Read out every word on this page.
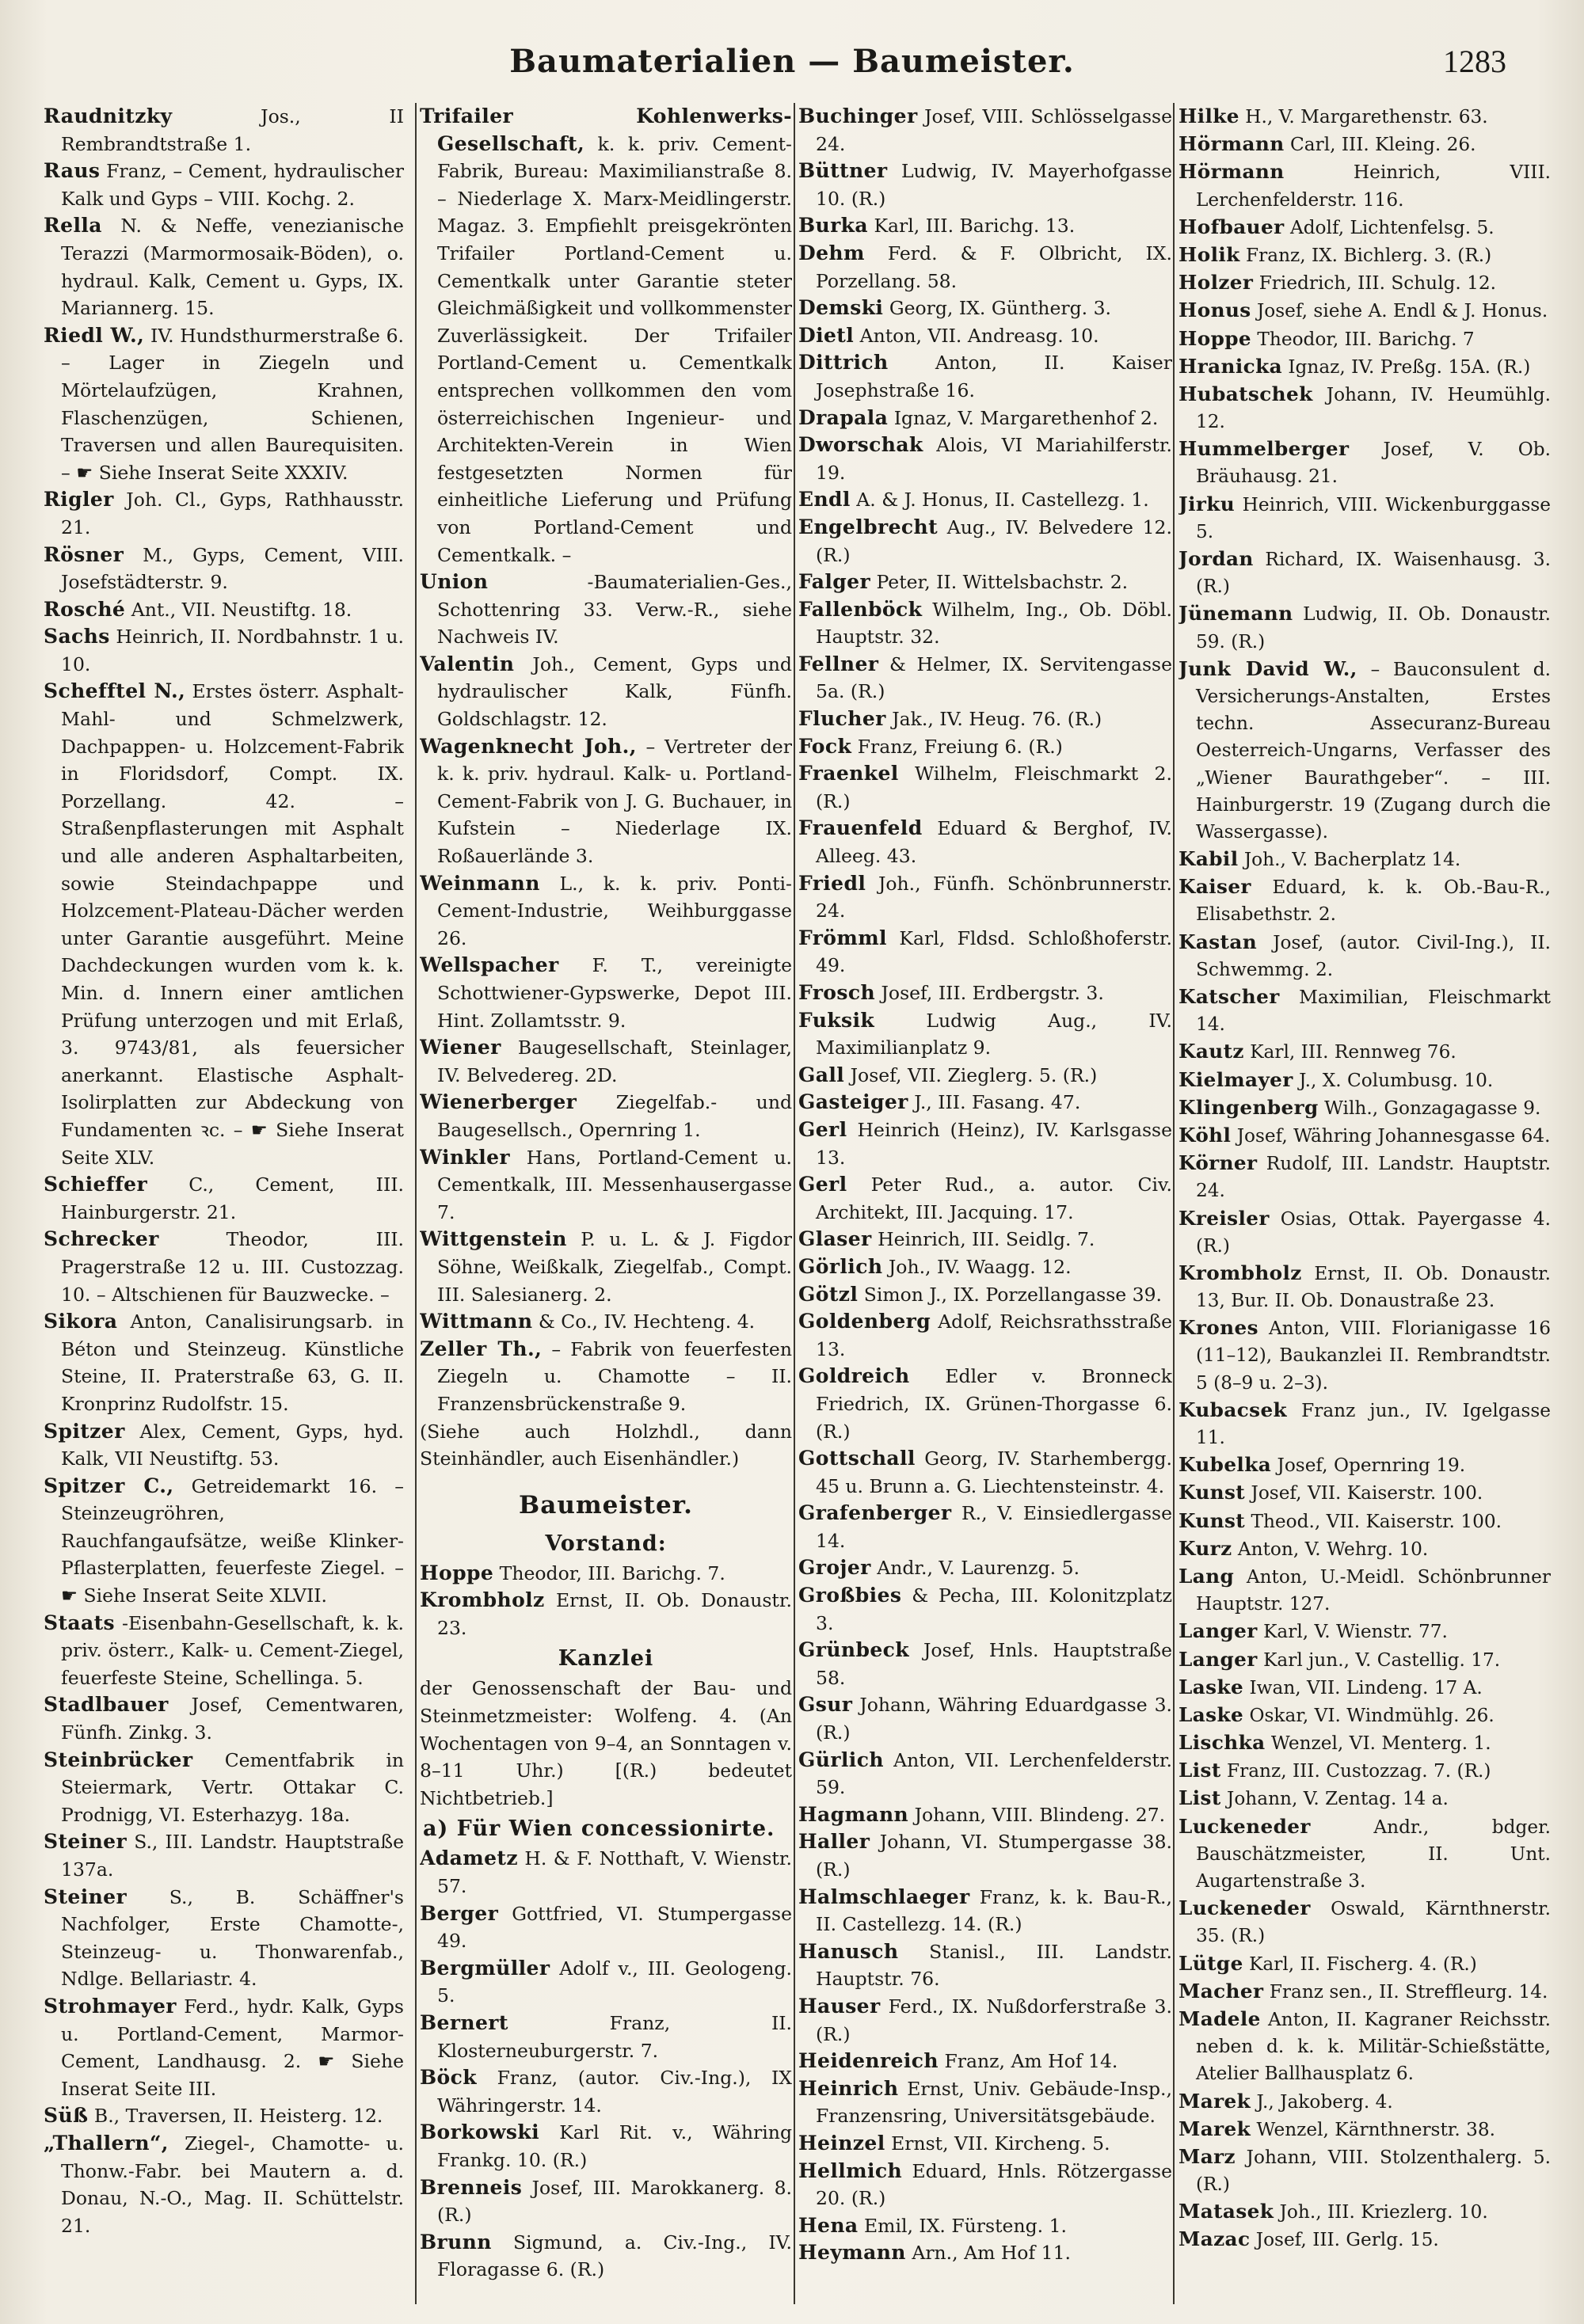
Baumaterialien — Baumeister.	1283

Raudnitzky	Jos., II Rembrandtstraße 1.

Raus Franz, – Cement, hydraulischer Kalk und Gyps – VIII. Kochg. 2.

Rella N. & Neffe, venezianische Terazzi (Marmormosaik-Böden), o. hydraul. Kalk, Cement u. Gyps, IX. Mariannerg. 15.

Riedl W., IV. Hundsthurmerstraße 6. – Lager in Ziegeln und Mörtelaufzügen, Krahnen, Flaschenzügen, Schienen, Traversen und allen Baurequisiten. – ☛ Siehe Inserat Seite XXXIV.

Rigler Joh. Cl., Gyps, Rathhausstr. 21.

Rösner M., Gyps, Cement, VIII. Josefstädterstr. 9.

Rosché Ant., VII. Neustiftg. 18.

Sachs Heinrich, II. Nordbahnstr. 1 u. 10.

Schefftel N., Erstes österr. Asphalt-Mahl- und Schmelzwerk, Dachpappen- u. Holzcement-Fabrik in Floridsdorf, Compt. IX. Porzellang. 42. – Straßenpflasterungen mit Asphalt und alle anderen Asphaltarbeiten, sowie Steindachpappe und Holzcement-Plateau-Dächer werden unter Garantie ausgeführt. Meine Dachdeckungen wurden vom k. k. Min. d. Innern einer amtlichen Prüfung unterzogen und mit Erlaß, 3. 9743/81, als feuersicher anerkannt. Elastische Asphalt-Isolirplatten zur Abdeckung von Fundamenten ꝛc. – ☛ Siehe Inserat Seite XLV.

Schieffer C., Cement, III. Hainburgerstr. 21.

Schrecker	Theodor, III. Pragerstraße 12 u. III. Custozzag. 10. – Altschienen für Bauzwecke. –

Sikora Anton, Canalisirungsarb. in Béton und Steinzeug. Künstliche Steine, II. Praterstraße 63, G. II. Kronprinz Rudolfstr. 15.

Spitzer Alex, Cement, Gyps, hyd. Kalk, VII Neustiftg. 53.

Spitzer C., Getreidemarkt 16. – Steinzeugröhren, Rauchfangaufsätze, weiße Klinker-Pflasterplatten, feuerfeste Ziegel. – ☛ Siehe Inserat Seite XLVII.

Staats -Eisenbahn-Gesellschaft, k. k. priv. österr., Kalk- u. Cement-Ziegel, feuerfeste Steine, Schellinga. 5.

Stadlbauer Josef, Cementwaren, Fünfh. Zinkg. 3.

Steinbrücker Cementfabrik in Steiermark, Vertr. Ottakar C. Prodnigg, VI. Esterhazyg. 18a.

Steiner S., III. Landstr. Hauptstraße 137a.

Steiner S., B. Schäffner's Nachfolger, Erste Chamotte-, Steinzeug- u. Thonwarenfab., Ndlge. Bellariastr. 4.

Strohmayer Ferd., hydr. Kalk, Gyps u. Portland-Cement, Marmor-Cement, Landhausg. 2. ☛ Siehe Inserat Seite III.

Süß B., Traversen, II. Heisterg. 12.

„Thallern“, Ziegel-, Chamotte- u. Thonw.-Fabr. bei Mautern a. d. Donau, N.-O., Mag. II. Schüttelstr. 21.

Trifailer Kohlenwerks-Gesellschaft, k. k. priv. Cement-Fabrik, Bureau: Maximilianstraße 8. – Niederlage X. Marx-Meidlingerstr. Magaz. 3. Empfiehlt preisgekrönten Trifailer Portland-Cement u. Cementkalk unter Garantie steter Gleichmäßigkeit und vollkommenster Zuverlässigkeit. Der Trifailer Portland-Cement u. Cementkalk entsprechen vollkommen den vom österreichischen Ingenieur- und Architekten-Verein in Wien festgesetzten Normen für einheitliche Lieferung und Prüfung von Portland-Cement und Cementkalk. –

Union	-Baumaterialien-Ges., Schottenring 33. Verw.-R., siehe Nachweis IV.

Valentin Joh., Cement, Gyps und hydraulischer Kalk, Fünfh. Goldschlagstr. 12.

Wagenknecht Joh., – Vertreter der k. k. priv. hydraul. Kalk- u. Portland-Cement-Fabrik von J. G. Buchauer, in Kufstein – Niederlage IX. Roßauerlände 3.

Weinmann L., k. k. priv. Ponti-Cement-Industrie, Weihburggasse 26.

Wellspacher F. T., vereinigte Schottwiener-Gypswerke, Depot III. Hint. Zollamtsstr. 9.

Wiener Baugesellschaft, Steinlager, IV. Belvedereg. 2D.

Wienerberger Ziegelfab.- und Baugesellsch., Opernring 1.

Winkler Hans, Portland-Cement u. Cementkalk, III. Messenhausergasse 7.

Wittgenstein P. u. L. & J. Figdor Söhne, Weißkalk, Ziegelfab., Compt. III. Salesianerg. 2.

Wittmann & Co., IV. Hechteng. 4.

Zeller Th., – Fabrik von feuerfesten Ziegeln u. Chamotte – II. Franzensbrückenstraße 9.

(Siehe auch Holzhdl., dann Steinhändler, auch Eisenhändler.)

Baumeister.
Vorstand:

Hoppe Theodor, III. Barichg. 7.

Krombholz Ernst, II. Ob. Donaustr. 23.

Kanzlei

der Genossenschaft der Bau- und Steinmetzmeister: Wolfeng. 4. (An Wochentagen von 9–4, an Sonntagen v. 8–11 Uhr.) [(R.) bedeutet Nichtbetrieb.]

a) Für Wien concessionirte.

Adametz H. & F. Notthaft, V. Wienstr. 57.

Berger Gottfried, VI. Stumpergasse 49.

Bergmüller Adolf v., III. Geologeng. 5.

Bernert	Franz, II. Klosterneuburgerstr. 7.

Böck Franz, (autor. Civ.-Ing.), IX Währingerstr. 14.

Borkowski Karl Rit. v., Währing Frankg. 10. (R.)

Brenneis Josef, III. Marokkanerg. 8. (R.)

Brunn Sigmund, a. Civ.-Ing., IV. Floragasse 6. (R.)

Buchinger Josef, VIII. Schlösselgasse 24.

Büttner Ludwig, IV. Mayerhofgasse 10. (R.)

Burka Karl, III. Barichg. 13.

Dehm Ferd. & F. Olbricht, IX. Porzellang. 58.

Demski Georg, IX. Güntherg. 3.

Dietl Anton, VII. Andreasg. 10.

Dittrich	Anton, II. Kaiser Josephstraße 16.

Drapala Ignaz, V. Margarethenhof 2.

Dworschak Alois, VI Mariahilferstr. 19.

Endl A. & J. Honus, II. Castellezg. 1.

Engelbrecht Aug., IV. Belvedere 12. (R.)

Falger Peter, II. Wittelsbachstr. 2.

Fallenböck Wilhelm, Ing., Ob. Döbl. Hauptstr. 32.

Fellner & Helmer, IX. Servitengasse 5a. (R.)

Flucher Jak., IV. Heug. 76. (R.)

Fock Franz, Freiung 6. (R.)

Fraenkel Wilhelm, Fleischmarkt 2. (R.)

Frauenfeld Eduard & Berghof, IV. Alleeg. 43.

Friedl Joh., Fünfh. Schönbrunnerstr. 24.

Frömml Karl, Fldsd. Schloßhoferstr. 49.

Frosch Josef, III. Erdbergstr. 3.

Fuksik	Ludwig Aug., IV. Maximilianplatz 9.

Gall Josef, VII. Zieglerg. 5. (R.)

Gasteiger J., III. Fasang. 47.

Gerl Heinrich (Heinz), IV. Karlsgasse 13.

Gerl Peter Rud., a. autor. Civ. Architekt, III. Jacquing. 17.

Glaser Heinrich, III. Seidlg. 7.

Görlich Joh., IV. Waagg. 12.

Götzl Simon J., IX. Porzellangasse 39.

Goldenberg Adolf, Reichsrathsstraße 13.

Goldreich Edler v. Bronneck Friedrich, IX. Grünen-Thorgasse 6. (R.)

Gottschall Georg, IV. Starhembergg. 45 u. Brunn a. G. Liechtensteinstr. 4.

Grafenberger R., V. Einsiedlergasse 14.

Grojer Andr., V. Laurenzg. 5.

Großbies & Pecha, III. Kolonitzplatz 3.

Grünbeck Josef, Hnls. Hauptstraße 58.

Gsur Johann, Währing Eduardgasse 3. (R.)

Gürlich Anton, VII. Lerchenfelderstr. 59.

Hagmann Johann, VIII. Blindeng. 27.

Haller Johann, VI. Stumpergasse 38. (R.)

Halmschlaeger Franz, k. k. Bau-R., II. Castellezg. 14. (R.)

Hanusch Stanisl., III. Landstr. Hauptstr. 76.

Hauser Ferd., IX. Nußdorferstraße 3. (R.)

Heidenreich Franz, Am Hof 14.

Heinrich Ernst, Univ. Gebäude-Insp., Franzensring, Universitätsgebäude.

Heinzel Ernst, VII. Kircheng. 5.

Hellmich Eduard, Hnls. Rötzergasse 20. (R.)

Hena Emil, IX. Fürsteng. 1.

Heymann Arn., Am Hof 11.

Hilke H., V. Margarethenstr. 63.

Hörmann Carl, III. Kleing. 26.

Hörmann	Heinrich, VIII. Lerchenfelderstr. 116.

Hofbauer Adolf, Lichtenfelsg. 5.

Holik Franz, IX. Bichlerg. 3. (R.)

Holzer Friedrich, III. Schulg. 12.

Honus Josef, siehe A. Endl & J. Honus.

Hoppe Theodor, III. Barichg. 7

Hranicka Ignaz, IV. Preßg. 15A. (R.)

Hubatschek Johann, IV. Heumühlg. 12.

Hummelberger Josef, V. Ob. Bräuhausg. 21.

Jirku Heinrich, VIII. Wickenburggasse 5.

Jordan Richard, IX. Waisenhausg. 3. (R.)

Jünemann Ludwig, II. Ob. Donaustr. 59. (R.)

Junk David W., – Bauconsulent d. Versicherungs-Anstalten, Erstes techn. Assecuranz-Bureau Oesterreich-Ungarns, Verfasser des „Wiener Baurathgeber“. – III. Hainburgerstr. 19 (Zugang durch die Wassergasse).

Kabil Joh., V. Bacherplatz 14.

Kaiser Eduard, k. k. Ob.-Bau-R., Elisabethstr. 2.

Kastan Josef, (autor. Civil-Ing.), II. Schwemmg. 2.

Katscher Maximilian, Fleischmarkt 14.

Kautz Karl, III. Rennweg 76.

Kielmayer J., X. Columbusg. 10.

Klingenberg Wilh., Gonzagagasse 9.

Köhl Josef, Währing Johannesgasse 64.

Körner Rudolf, III. Landstr. Hauptstr. 24.

Kreisler Osias, Ottak. Payergasse 4. (R.)

Krombholz Ernst, II. Ob. Donaustr. 13, Bur. II. Ob. Donaustraße 23.

Krones Anton, VIII. Florianigasse 16 (11–12), Baukanzlei II. Rembrandtstr. 5 (8–9 u. 2–3).

Kubacsek Franz jun., IV. Igelgasse 11.

Kubelka Josef, Opernring 19.

Kunst Josef, VII. Kaiserstr. 100.

Kunst Theod., VII. Kaiserstr. 100.

Kurz Anton, V. Wehrg. 10.

Lang Anton, U.-Meidl. Schönbrunner Hauptstr. 127.

Langer Karl, V. Wienstr. 77.

Langer Karl jun., V. Castellig. 17.

Laske Iwan, VII. Lindeng. 17 A.

Laske Oskar, VI. Windmühlg. 26.

Lischka Wenzel, VI. Menterg. 1.

List Franz, III. Custozzag. 7. (R.)

List Johann, V. Zentag. 14 a.

Luckeneder	Andr., bdger. Bauschätzmeister, II. Unt. Augartenstraße 3.

Luckeneder Oswald, Kärnthnerstr. 35. (R.)

Lütge Karl, II. Fischerg. 4. (R.)

Macher Franz sen., II. Streffleurg. 14.

Madele Anton, II. Kagraner Reichsstr. neben d. k. k. Militär-Schießstätte, Atelier Ballhausplatz 6.

Marek J., Jakoberg. 4.

Marek Wenzel, Kärnthnerstr. 38.

Marz Johann, VIII. Stolzenthalerg. 5. (R.)

Matasek Joh., III. Kriezlerg. 10.

Mazac Josef, III. Gerlg. 15.
